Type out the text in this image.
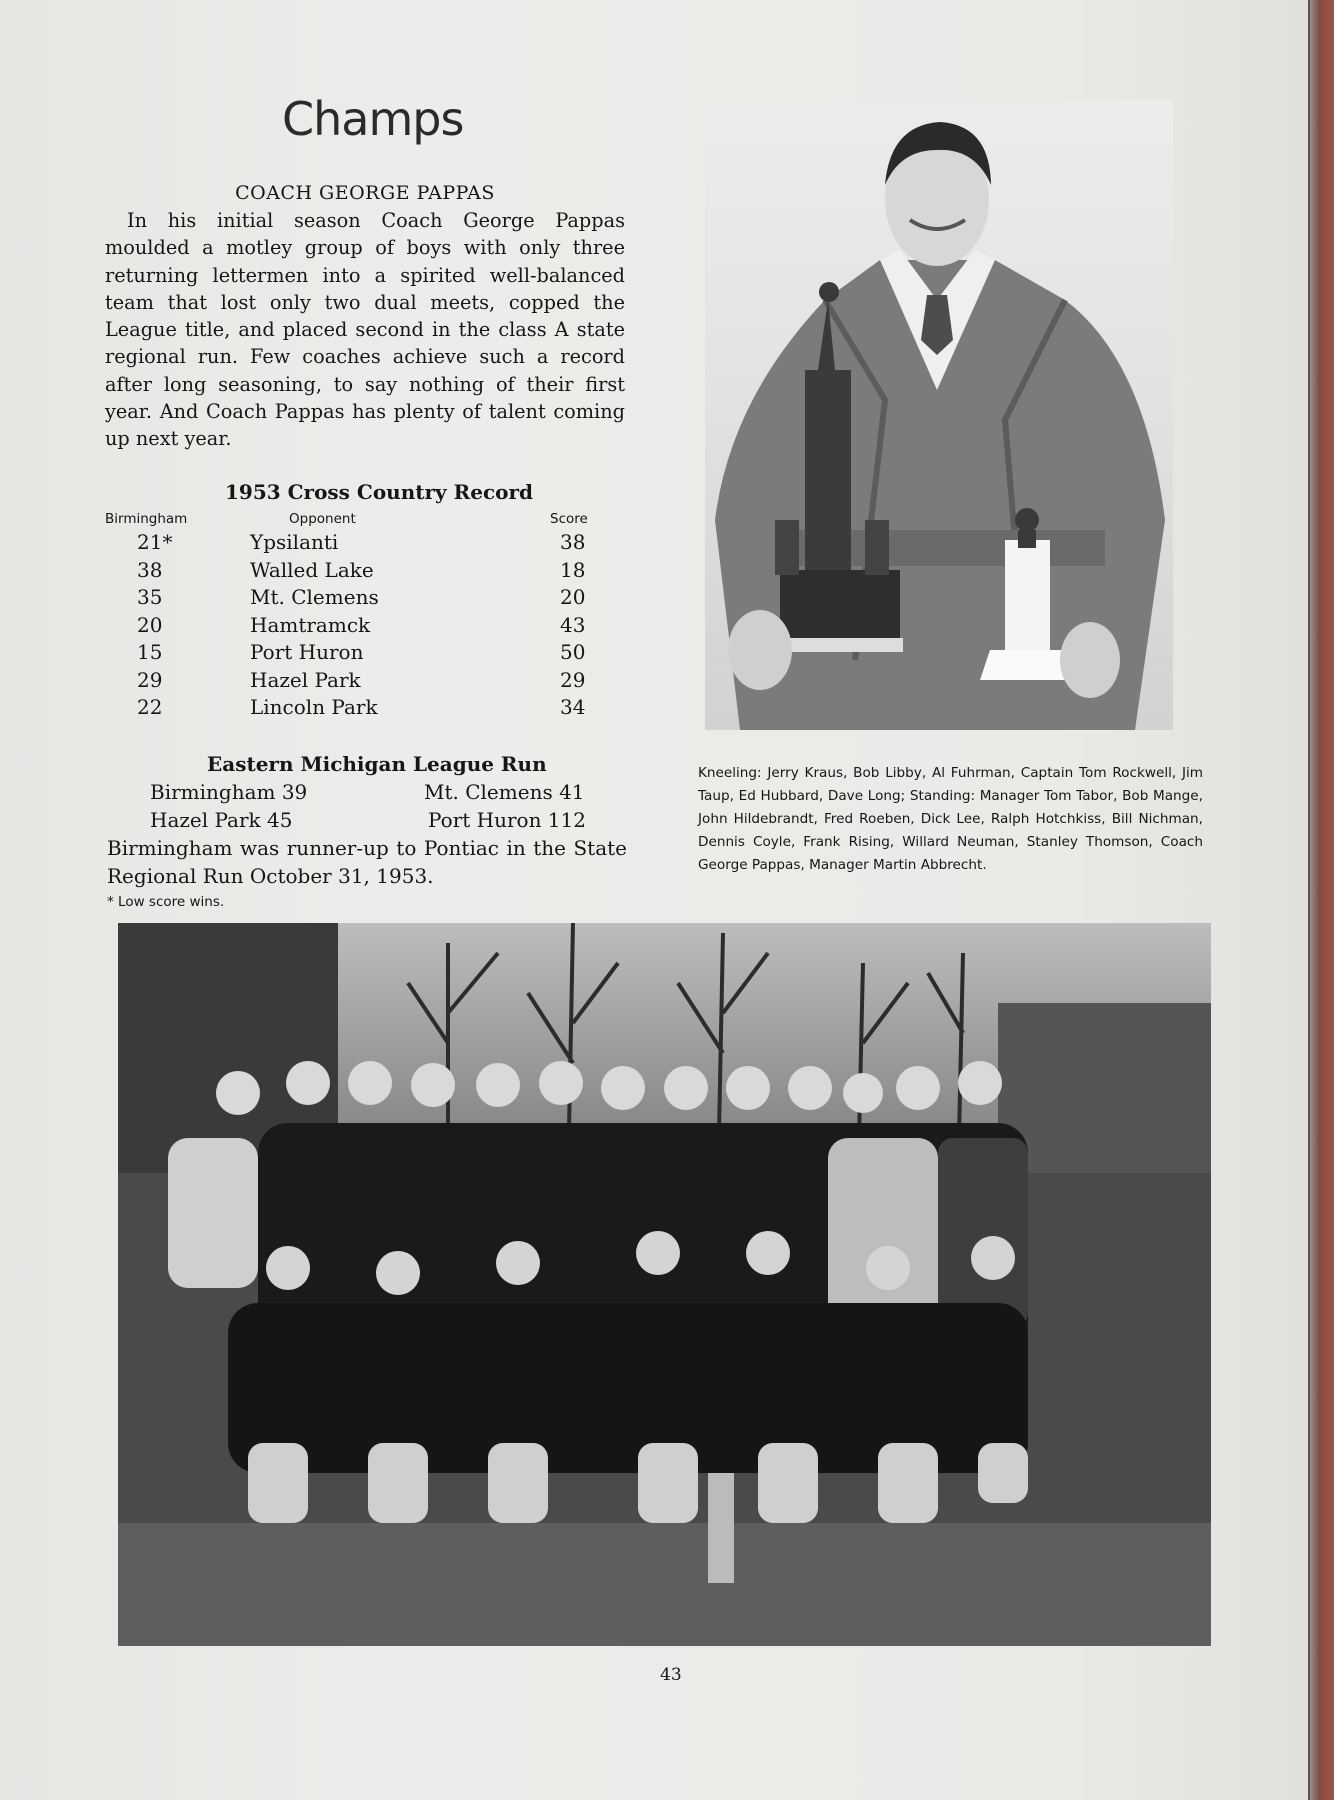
Champs
COACH GEORGE PAPPAS
In his initial season Coach George Pappas moulded a motley group of boys with only three returning lettermen into a spirited well-balanced team that lost only two dual meets, copped the League title, and placed second in the class A state regional run. Few coaches achieve such a record after long seasoning, to say nothing of their first year. And Coach Pappas has plenty of talent coming up next year.
1953 Cross Country Record
Birmingham	Opponent	Score
21*	Ypsilanti	38
38	Walled Lake	18
35	Mt. Clemens	20
20	Hamtramck	43
15	Port Huron	50
29	Hazel Park	29
22	Lincoln Park	34
Eastern Michigan League Run
Birmingham 39	Mt. Clemens 41
Hazel Park 45	Port Huron 112
Birmingham was runner-up to Pontiac in the State Regional Run October 31, 1953.
* Low score wins.
Kneeling: Jerry Kraus, Bob Libby, Al Fuhrman, Captain Tom Rockwell, Jim Taup, Ed Hubbard, Dave Long; Standing: Manager Tom Tabor, Bob Mange, John Hildebrandt, Fred Roeben, Dick Lee, Ralph Hotchkiss, Bill Nichman, Dennis Coyle, Frank Rising, Willard Neuman, Stanley Thomson, Coach George Pappas, Manager Martin Abbrecht.
43
